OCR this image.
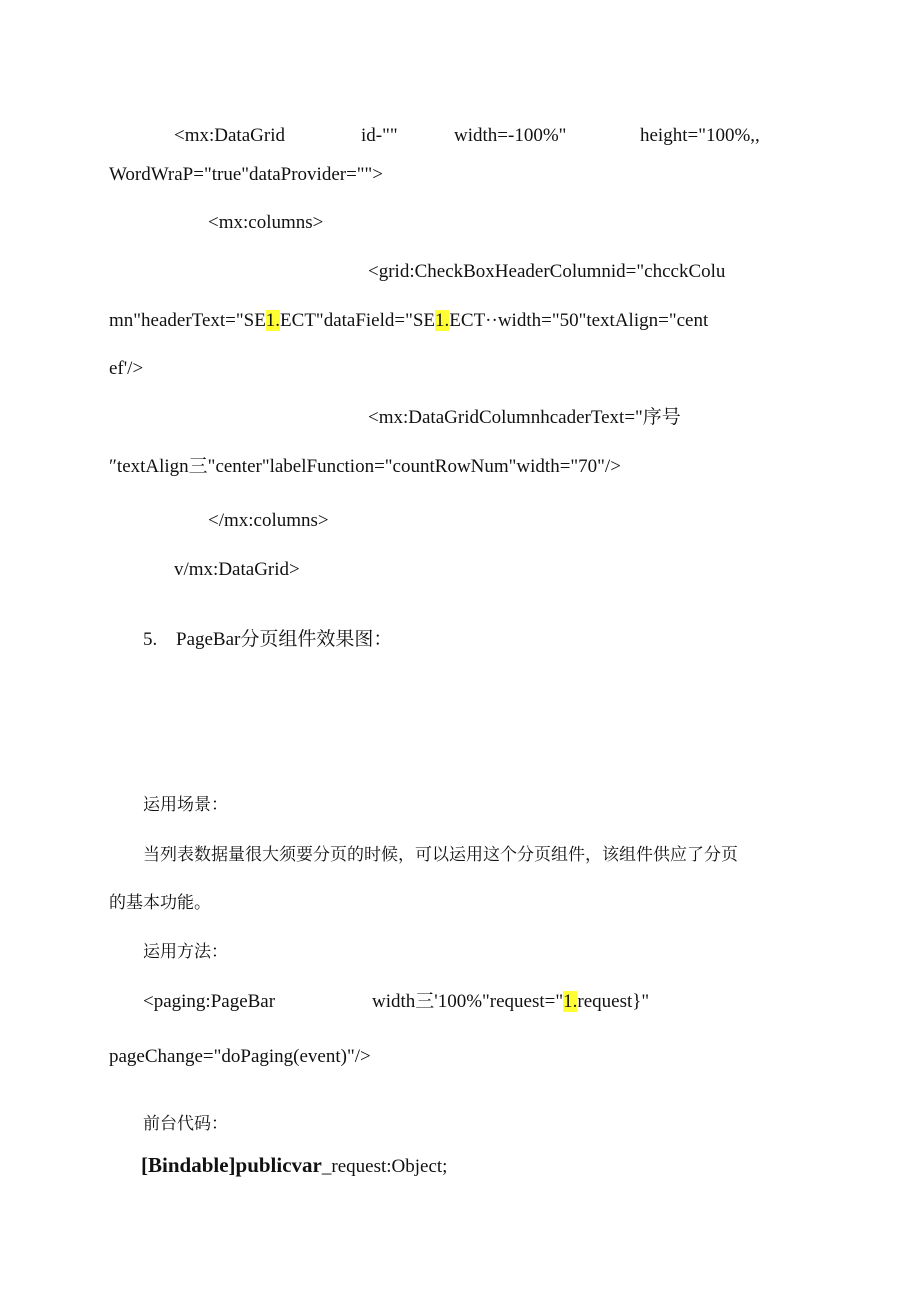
<mx:DataGrid	id-""	width=-100%"	height="100%,,
WordWraP="true"dataProvider="">
<mx:columns>
<grid:CheckBoxHeaderColumnid="chcckColu
mn"headerText="SE1.ECT"dataField="SE1.ECT··width="50"textAlign="cent
ef'/>
<mx:DataGridColumnhcaderText="序号
″textAlign三"center"labelFunction="countRowNum"width="70"/>
</mx:columns>
v/mx:DataGrid>
5. PageBar分页组件效果图：
运用场景：
当列表数据量很大须要分页的时候，可以运用这个分页组件，该组件供应了分页
的基本功能。
运用方法：
<paging:PageBar	width三'100%"request="1.request}"
pageChange="doPaging(event)"/>
前台代码：
[Bindable]publicvar_request:Object;
